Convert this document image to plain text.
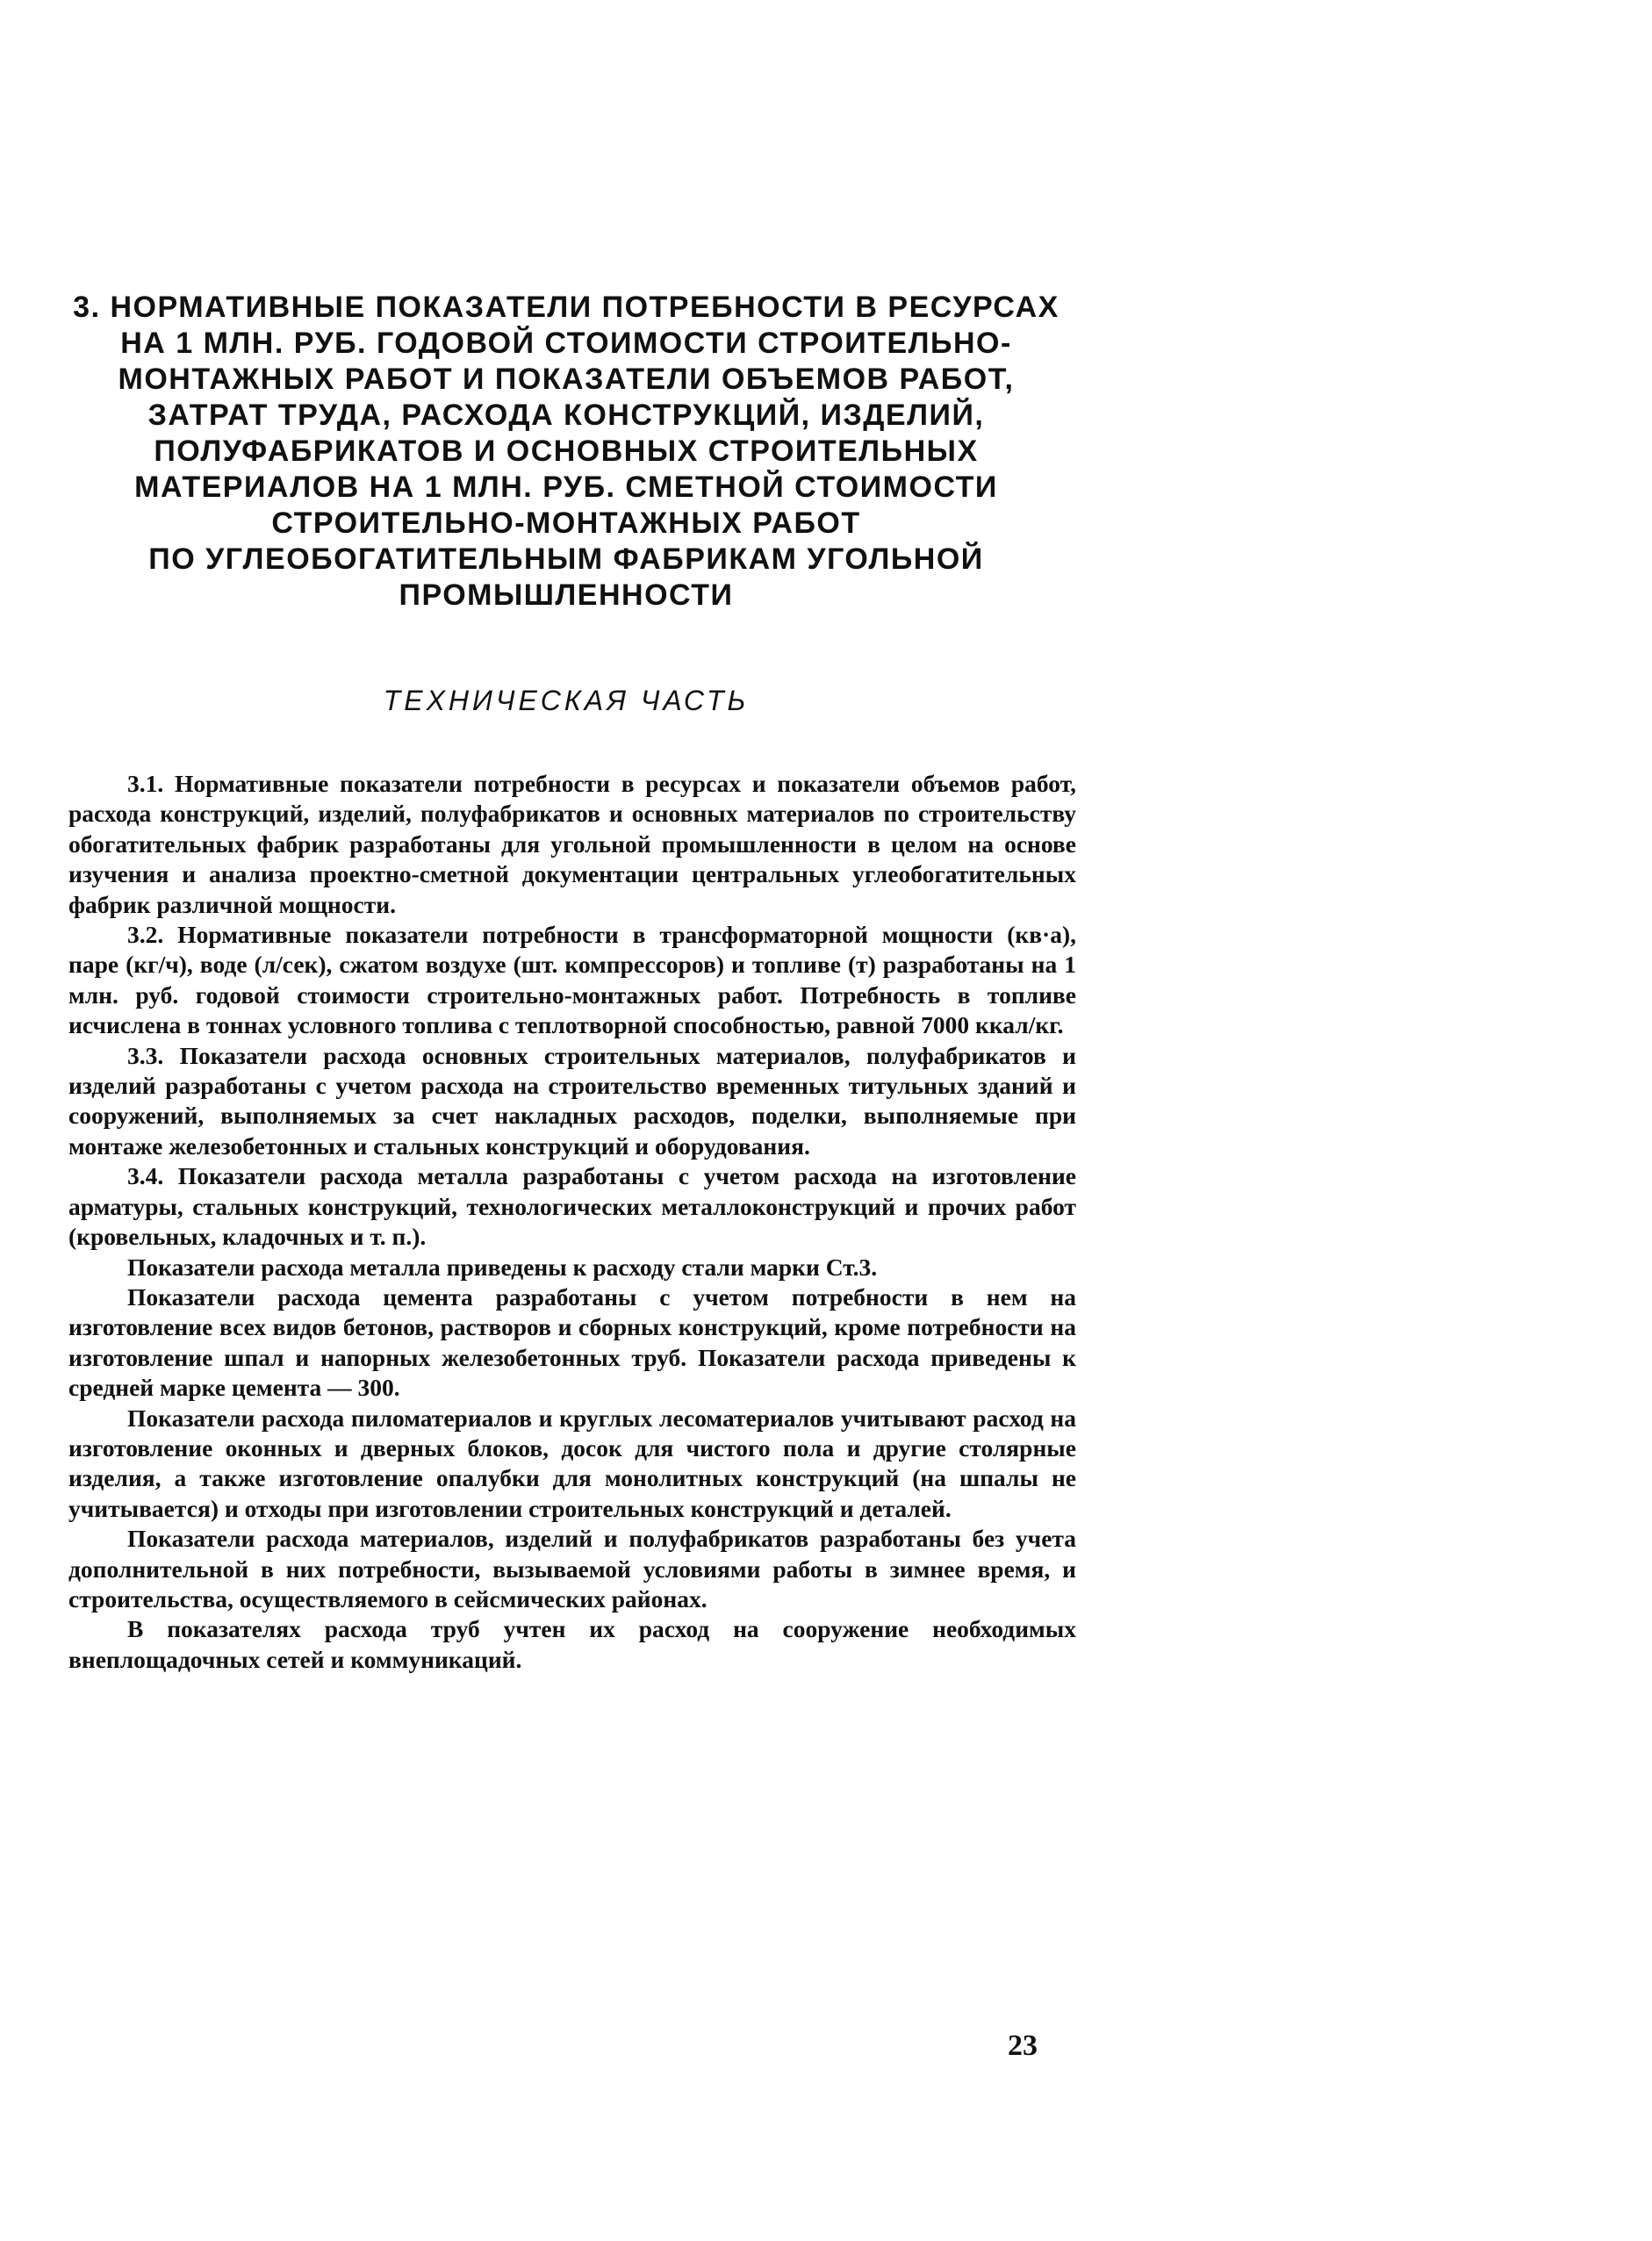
3. НОРМАТИВНЫЕ ПОКАЗАТЕЛИ ПОТРЕБНОСТИ В РЕСУРСАХ
НА 1 МЛН. РУБ. ГОДОВОЙ СТОИМОСТИ СТРОИТЕЛЬНО-
МОНТАЖНЫХ РАБОТ И ПОКАЗАТЕЛИ ОБЪЕМОВ РАБОТ,
ЗАТРАТ ТРУДА, РАСХОДА КОНСТРУКЦИЙ, ИЗДЕЛИЙ,
ПОЛУФАБРИКАТОВ И ОСНОВНЫХ СТРОИТЕЛЬНЫХ
МАТЕРИАЛОВ НА 1 МЛН. РУБ. СМЕТНОЙ СТОИМОСТИ
СТРОИТЕЛЬНО-МОНТАЖНЫХ РАБОТ
ПО УГЛЕОБОГАТИТЕЛЬНЫМ ФАБРИКАМ УГОЛЬНОЙ
ПРОМЫШЛЕННОСТИ
ТЕХНИЧЕСКАЯ ЧАСТЬ

3.1. Нормативные показатели потребности в ресурсах и показатели объемов работ, расхода конструкций, изделий, полуфабрикатов и основных материалов по строительству обогатительных фабрик разработаны для угольной промышленности в целом на основе изучения и анализа проектно-сметной документации центральных углеобогатительных фабрик различной мощности.

3.2. Нормативные показатели потребности в трансформаторной мощности (кв·а), паре (кг/ч), воде (л/сек), сжатом воздухе (шт. компрессоров) и топливе (т) разработаны на 1 млн. руб. годовой стоимости строительно-монтажных работ. Потребность в топливе исчислена в тоннах условного топлива с теплотворной способностью, равной 7000 ккал/кг.

3.3. Показатели расхода основных строительных материалов, полуфабрикатов и изделий разработаны с учетом расхода на строительство временных титульных зданий и сооружений, выполняемых за счет накладных расходов, поделки, выполняемые при монтаже железобетонных и стальных конструкций и оборудования.

3.4. Показатели расхода металла разработаны с учетом расхода на изготовление арматуры, стальных конструкций, технологических металлоконструкций и прочих работ (кровельных, кладочных и т. п.).

Показатели расхода металла приведены к расходу стали марки Ст.3.

Показатели расхода цемента разработаны с учетом потребности в нем на изготовление всех видов бетонов, растворов и сборных конструкций, кроме потребности на изготовление шпал и напорных железобетонных труб. Показатели расхода приведены к средней марке цемента — 300.

Показатели расхода пиломатериалов и круглых лесоматериалов учитывают расход на изготовление оконных и дверных блоков, досок для чистого пола и другие столярные изделия, а также изготовление опалубки для монолитных конструкций (на шпалы не учитывается) и отходы при изготовлении строительных конструкций и деталей.

Показатели расхода материалов, изделий и полуфабрикатов разработаны без учета дополнительной в них потребности, вызываемой условиями работы в зимнее время, и строительства, осуществляемого в сейсмических районах.

В показателях расхода труб учтен их расход на сооружение необходимых внеплощадочных сетей и коммуникаций.

23
